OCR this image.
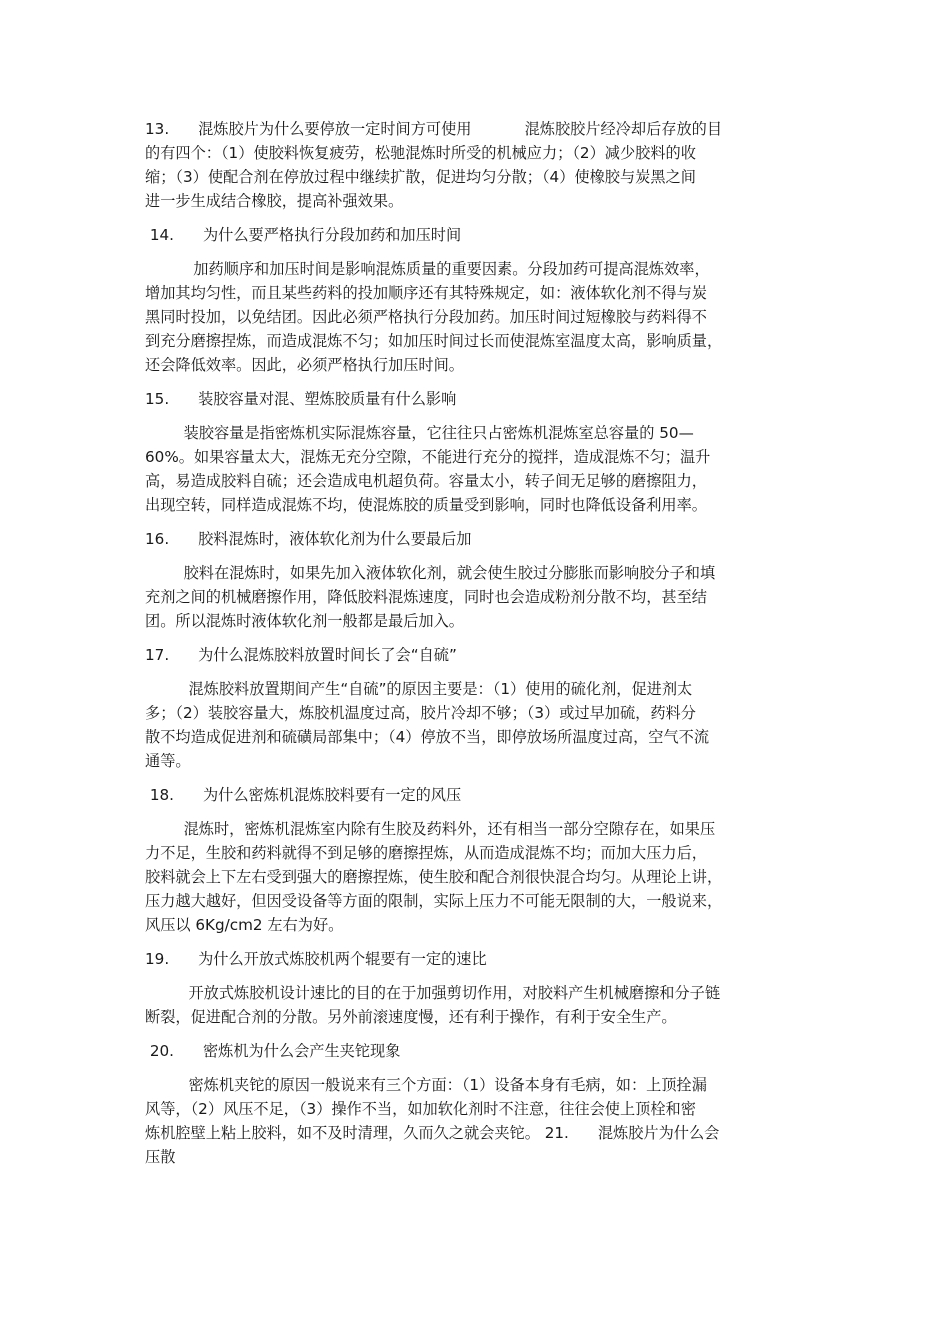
13.      混炼胶片为什么要停放一定时间方可使用           混炼胶胶片经冷却后存放的目
的有四个：（1）使胶料恢复疲劳，松驰混炼时所受的机械应力；（2）减少胶料的收
缩；（3）使配合剂在停放过程中继续扩散，促进均匀分散；（4）使橡胶与炭黑之间
进一步生成结合橡胶，提高补强效果。
14.      为什么要严格执行分段加药和加压时间
加药顺序和加压时间是影响混炼质量的重要因素。分段加药可提高混炼效率，
增加其均匀性，而且某些药料的投加顺序还有其特殊规定，如：液体软化剂不得与炭
黑同时投加，以免结团。因此必须严格执行分段加药。加压时间过短橡胶与药料得不
到充分磨擦捏炼，而造成混炼不匀；如加压时间过长而使混炼室温度太高，影响质量，
还会降低效率。因此，必须严格执行加压时间。
15.      装胶容量对混、塑炼胶质量有什么影响
装胶容量是指密炼机实际混炼容量，它往往只占密炼机混炼室总容量的 50—
60%。如果容量太大，混炼无充分空隙，不能进行充分的搅拌，造成混炼不匀；温升
高，易造成胶料自硫；还会造成电机超负荷。容量太小，转子间无足够的磨擦阻力，
出现空转，同样造成混炼不均，使混炼胶的质量受到影响，同时也降低设备利用率。
16.      胶料混炼时，液体软化剂为什么要最后加
胶料在混炼时，如果先加入液体软化剂，就会使生胶过分膨胀而影响胶分子和填
充剂之间的机械磨擦作用，降低胶料混炼速度，同时也会造成粉剂分散不均，甚至结
团。所以混炼时液体软化剂一般都是最后加入。
17.      为什么混炼胶料放置时间长了会“自硫”
混炼胶料放置期间产生“自硫”的原因主要是：（1）使用的硫化剂，促进剂太
多；（2）装胶容量大，炼胶机温度过高，胶片冷却不够；（3）或过早加硫，药料分
散不均造成促进剂和硫磺局部集中；（4）停放不当，即停放场所温度过高，空气不流
通等。
18.      为什么密炼机混炼胶料要有一定的风压
混炼时，密炼机混炼室内除有生胶及药料外，还有相当一部分空隙存在，如果压
力不足，生胶和药料就得不到足够的磨擦捏炼，从而造成混炼不均；而加大压力后，
胶料就会上下左右受到强大的磨擦捏炼，使生胶和配合剂很快混合均匀。从理论上讲，
压力越大越好，但因受设备等方面的限制，实际上压力不可能无限制的大，一般说来，
风压以 6Kg/cm2 左右为好。
19.      为什么开放式炼胶机两个辊要有一定的速比
开放式炼胶机设计速比的目的在于加强剪切作用，对胶料产生机械磨擦和分子链
断裂，促进配合剂的分散。另外前滚速度慢，还有利于操作，有利于安全生产。
20.      密炼机为什么会产生夹铊现象
密炼机夹铊的原因一般说来有三个方面：（1）设备本身有毛病，如：上顶拴漏
风等，（2）风压不足，（3）操作不当，如加软化剂时不注意，往往会使上顶栓和密
炼机腔壁上粘上胶料，如不及时清理，久而久之就会夹铊。 21.      混炼胶片为什么会
压散
